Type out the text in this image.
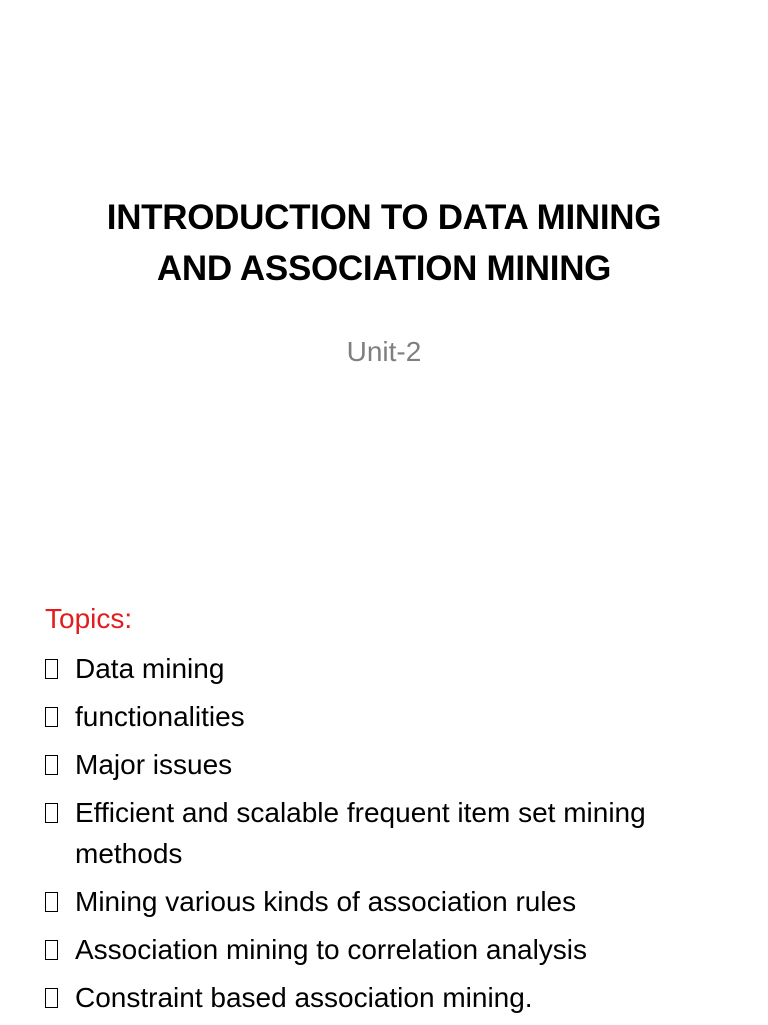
INTRODUCTION TO DATA MINING
AND ASSOCIATION MINING
Unit-2
Topics:
Data mining
functionalities
Major issues
Efficient and scalable frequent item set mining methods
Mining various kinds of association rules
Association mining to correlation analysis
Constraint based association mining.
